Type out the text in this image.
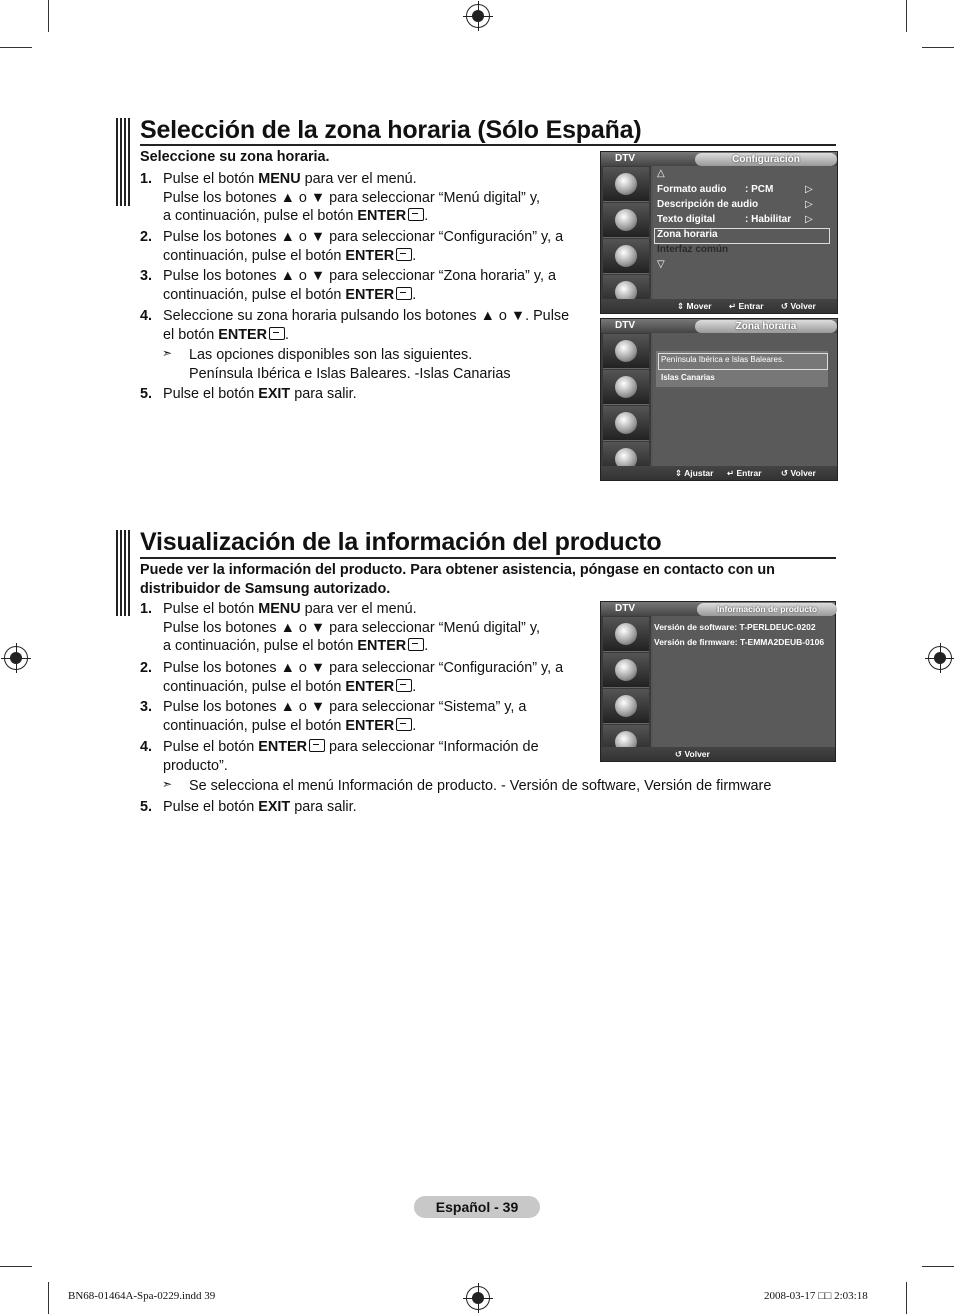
Selección de la zona horaria (Sólo España)
Seleccione su zona horaria.
1. Pulse el botón MENU para ver el menú.
Pulse los botones ▲ o ▼ para seleccionar “Menú digital” y,
a continuación, pulse el botón ENTER .
2. Pulse los botones ▲ o ▼ para seleccionar “Configuración” y, a
continuación, pulse el botón ENTER .
3. Pulse los botones ▲ o ▼ para seleccionar “Zona horaria” y, a
continuación, pulse el botón ENTER .
4. Seleccione su zona horaria pulsando los botones ▲ o ▼. Pulse
el botón ENTER .
➣ Las opciones disponibles son las siguientes.
Península Ibérica e Islas Baleares. -Islas Canarias
5. Pulse el botón EXIT para salir.
DTV	Configuración
△
Formato audio : PCM	▷
Descripción de audio	▷
Texto digital	: Habilitar ▷
Zona horaria
Interfaz común
▽
⇕ Mover ↵ Entrar ↺ Volver
DTV	Zona horaria
Península Ibérica e Islas Baleares.
Islas Canarias
⇕ Ajustar ↵ Entrar ↺ Volver
Visualización de la información del producto
Puede ver la información del producto. Para obtener asistencia, póngase en contacto con un
distribuidor de Samsung autorizado.
1. Pulse el botón MENU para ver el menú.
Pulse los botones ▲ o ▼ para seleccionar “Menú digital” y,
a continuación, pulse el botón ENTER .
2. Pulse los botones ▲ o ▼ para seleccionar “Configuración” y, a
continuación, pulse el botón ENTER .
3. Pulse los botones ▲ o ▼ para seleccionar “Sistema” y, a
continuación, pulse el botón ENTER .
4. Pulse el botón ENTER para seleccionar “Información de
producto”.
➣ Se selecciona el menú Información de producto. - Versión de software, Versión de firmware
5. Pulse el botón EXIT para salir.
DTV	Información de producto
Versión de software: T-PERLDEUC-0202
Versión de firmware: T-EMMA2DEUB-0106
↺ Volver
Español - 39
BN68-01464A-Spa-0229.indd 39	2008-03-17 □□ 2:03:18
